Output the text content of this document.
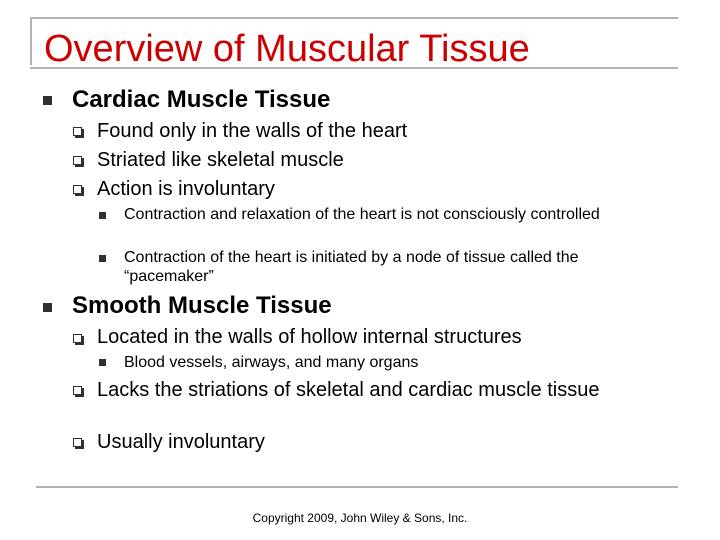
Overview of Muscular Tissue
Cardiac Muscle Tissue
Found only in the walls of the heart
Striated like skeletal muscle
Action is involuntary
Contraction and relaxation of the heart is not consciously controlled
Contraction of the heart is initiated by a node of tissue called the “pacemaker”
Smooth Muscle Tissue
Located in the walls of hollow internal structures
Blood vessels, airways, and many organs
Lacks the striations of skeletal and cardiac muscle tissue
Usually involuntary
Copyright 2009, John Wiley & Sons, Inc.
